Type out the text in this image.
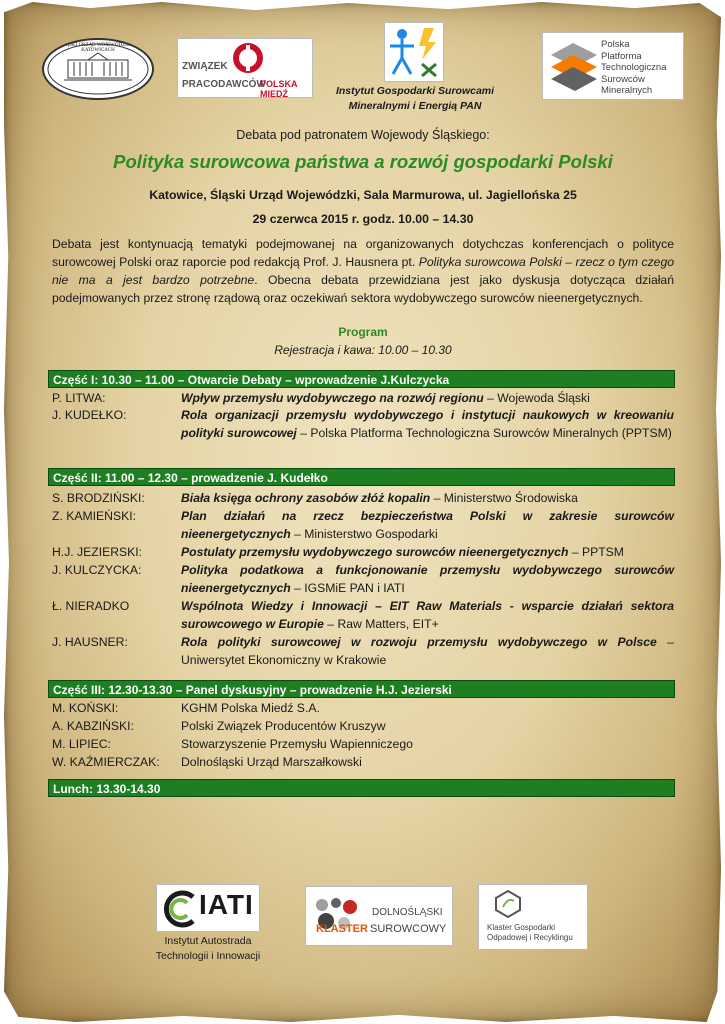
ŚLĄSKI URZĄD WOJEWÓDZKI W KATOWICACH
ZWIĄZEK
PRACODAWCÓW
POLSKA MIEDŹ	Instytut Gospodarki Surowcami
Mineralnymi i Energią PAN
Polska
Platforma
Technologiczna
Surowców
Mineralnych
Debata pod patronatem Wojewody Śląskiego:
Polityka surowcowa państwa a rozwój gospodarki Polski
Katowice, Śląski Urząd Wojewódzki, Sala Marmurowa, ul. Jagiellońska 25
29 czerwca 2015 r. godz. 10.00 – 14.30
Debata jest kontynuacją tematyki podejmowanej na organizowanych dotychczas konferencjach o polityce surowcowej Polski oraz raporcie pod redakcją Prof. J. Hausnera pt. Polityka surowcowa Polski – rzecz o tym czego nie ma a jest bardzo potrzebne. Obecna debata przewidziana jest jako dyskusja dotycząca działań podejmowanych przez stronę rządową oraz oczekiwań sektora wydobywczego surowców nieenergetycznych.
Program
Rejestracja i kawa: 10.00 – 10.30
Część I: 10.30 – 11.00 – Otwarcie Debaty – wprowadzenie J.Kulczycka
P. LITWA:	Wpływ przemysłu wydobywczego na rozwój regionu – Wojewoda Śląski
J. KUDEŁKO:	Rola organizacji przemysłu wydobywczego i instytucji naukowych w kreowaniu polityki surowcowej – Polska Platforma Technologiczna Surowców Mineralnych (PPTSM)
Część II: 11.00 – 12.30 – prowadzenie J. Kudełko
S. BRODZIŃSKI:	Biała księga ochrony zasobów złóż kopalin – Ministerstwo Środowiska
Z. KAMIEŃSKI:	Plan działań na rzecz bezpieczeństwa Polski w zakresie surowców nieenergetycznych – Ministerstwo Gospodarki
H.J. JEZIERSKI:	Postulaty przemysłu wydobywczego surowców nieenergetycznych – PPTSM
J. KULCZYCKA:	Polityka podatkowa a funkcjonowanie przemysłu wydobywczego surowców nieenergetycznych – IGSMiE PAN i IATI
Ł. NIERADKO	Wspólnota Wiedzy i Innowacji – EIT Raw Materials - wsparcie działań sektora surowcowego w Europie – Raw Matters, EIT+
J. HAUSNER:	Rola polityki surowcowej w rozwoju przemysłu wydobywczego w Polsce – Uniwersytet Ekonomiczny w Krakowie
Część III: 12.30-13.30 – Panel dyskusyjny – prowadzenie H.J. Jezierski
M. KOŃSKI:	KGHM Polska Miedź S.A.
A. KABZIŃSKI:	Polski Związek Producentów Kruszyw
M. LIPIEC:	Stowarzyszenie Przemysłu Wapienniczego
W. KAŹMIERCZAK:	Dolnośląski Urząd Marszałkowski
Lunch: 13.30-14.30
IATI
Instytut Autostrada
Technologii i Innowacji
DOLNOŚLĄSKI
KLASTER SUROWCOWY	Klaster Gospodarki
Odpadowej i Recyklingu
